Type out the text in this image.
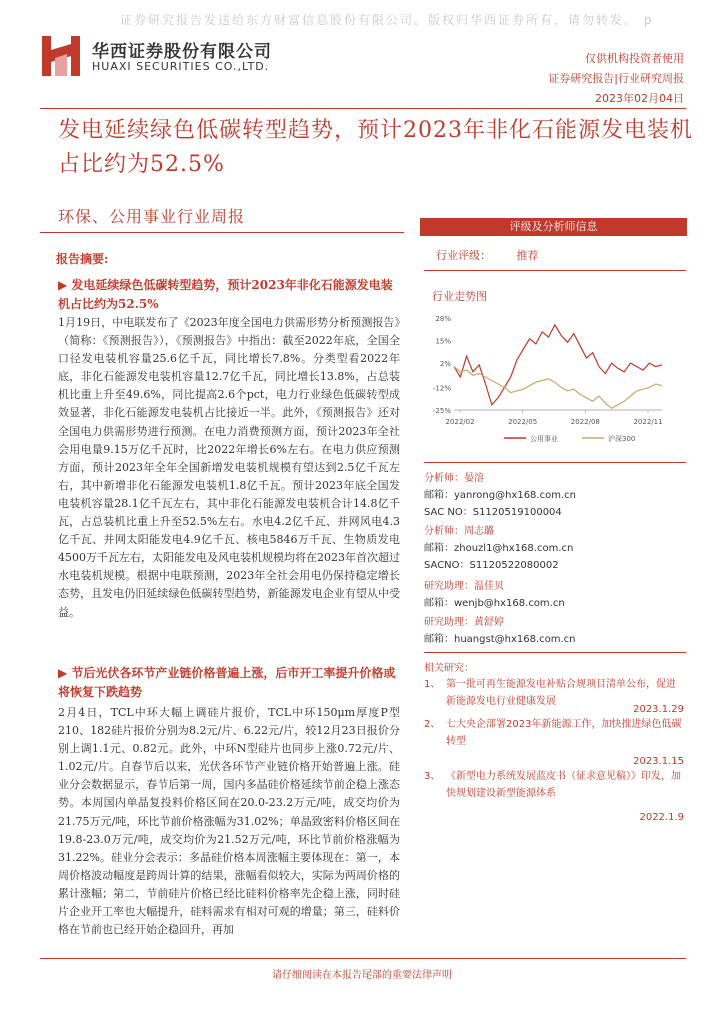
证券研究报告发送给东方财富信息股份有限公司。版权归华西证券所有，请勿转发。 p
华西证券股份有限公司
HUAXI SECURITIES CO.,LTD.
仅供机构投资者使用
证券研究报告|行业研究周报
2023年02月04日
发电延续绿色低碳转型趋势，预计2023年非化石能源发电装机占比约为52.5%
环保、公用事业行业周报
报告摘要:
▶ 发电延续绿色低碳转型趋势，预计2023年非化石能源发电装机占比约为52.5%

1月19日，中电联发布了《2023年度全国电力供需形势分析预测报告》（简称：《预测报告》），《预测报告》中指出：截至2022年底，全国全口径发电装机容量25.6亿千瓦，同比增长7.8%。分类型看2022年底，非化石能源发电装机容量12.7亿千瓦，同比增长13.8%，占总装机比重上升至49.6%，同比提高2.6个pct，电力行业绿色低碳转型成效显著，非化石能源发电装机占比接近一半。此外，《预测报告》还对全国电力供需形势进行预测。在电力消费预测方面，预计2023年全社会用电量9.15万亿千瓦时，比2022年增长6%左右。在电力供应预测方面，预计2023年全年全国新增发电装机规模有望达到2.5亿千瓦左右，其中新增非化石能源发电装机1.8亿千瓦。预计2023年底全国发电装机容量28.1亿千瓦左右，其中非化石能源发电装机合计14.8亿千瓦，占总装机比重上升至52.5%左右。水电4.2亿千瓦、并网风电4.3亿千瓦、并网太阳能发电4.9亿千瓦、核电5846万千瓦、生物质发电4500万千瓦左右，太阳能发电及风电装机规模均将在2023年首次超过水电装机规模。根据中电联预测，2023年全社会用电仍保持稳定增长态势，且发电仍旧延续绿色低碳转型趋势，新能源发电企业有望从中受益。

▶ 节后光伏各环节产业链价格普遍上涨，后市开工率提升价格或将恢复下跌趋势

2月4日，TCL中环大幅上调硅片报价，TCL中环150μm厚度P型210、182硅片报价分别为8.2元/片、6.22元/片，较12月23日报价分别上调1.1元、0.82元。此外，中环N型硅片也同步上涨0.72元/片、1.02元/片。自春节后以来，光伏各环节产业链价格开始普遍上涨。硅业分会数据显示，春节后第一周，国内多晶硅价格延续节前企稳上涨态势。本周国内单晶复投料价格区间在20.0-23.2万元/吨，成交均价为21.75万元/吨，环比节前价格涨幅为31.02%；单晶致密料价格区间在19.8-23.0万元/吨，成交均价为21.52万元/吨，环比节前价格涨幅为31.22%。硅业分会表示：多晶硅价格本周涨幅主要体现在：第一，本周价格波动幅度是跨周计算的结果，涨幅看似较大，实际为两周价格的累计涨幅；第二，节前硅片价格已经比硅料价格率先企稳上涨，同时硅片企业开工率也大幅提升，硅料需求有相对可观的增量；第三，硅料价格在节前也已经开始企稳回升，再加

评级及分析师信息
行业评级： 推荐
行业走势图
28%
15%
2%
-12%
-25%
2022/02	2022/05	2022/08	2022/11
公用事业	沪深300
分析师：晏溶
邮箱：yanrong@hx168.com.cn
SAC NO：S1120519100004
分析师：周志璐
邮箱：zhouzl1@hx168.com.cn
SACNO：S1120522080002
研究助理：温佳贝
邮箱：wenjb@hx168.com.cn
研究助理：黄舒婷
邮箱：huangst@hx168.com.cn
相关研究：
1、 第一批可再生能源发电补贴合规项目清单公布，促进新能源发电行业健康发展
2023.1.29
2、 七大央企部署2023年新能源工作，加快推进绿色低碳转型
2023.1.15
3、 《新型电力系统发展蓝皮书（征求意见稿）》印发，加快规划建设新型能源体系
2022.1.9
请仔细阅读在本报告尾部的重要法律声明
